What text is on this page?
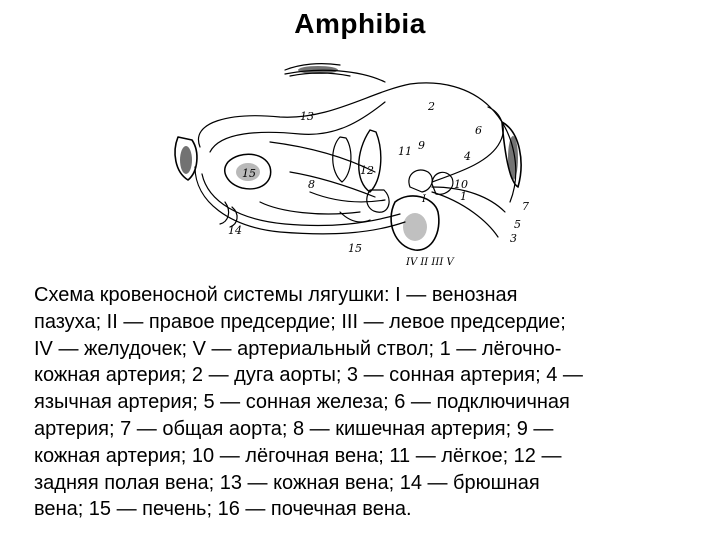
Amphibia
13
2
6
11 9
4
12
15
8	10
1
7
5
14
3
15
I
IV II III V
Схема кровеносной системы лягушки: I — венозная
пазуха; II — правое предсердие; III — левое предсердие;
IV — желудочек; V — артериальный ствол; 1 — лёгочно-
кожная артерия; 2 — дуга аорты; 3 — сонная артерия; 4 —
язычная артерия; 5 — сонная железа; 6 — подключичная
артерия; 7 — общая аорта; 8 — кишечная артерия; 9 —
кожная артерия; 10 — лёгочная вена; 11 — лёгкое; 12 —
задняя полая вена; 13 — кожная вена; 14 — брюшная
вена; 15 — печень; 16 — почечная вена.
